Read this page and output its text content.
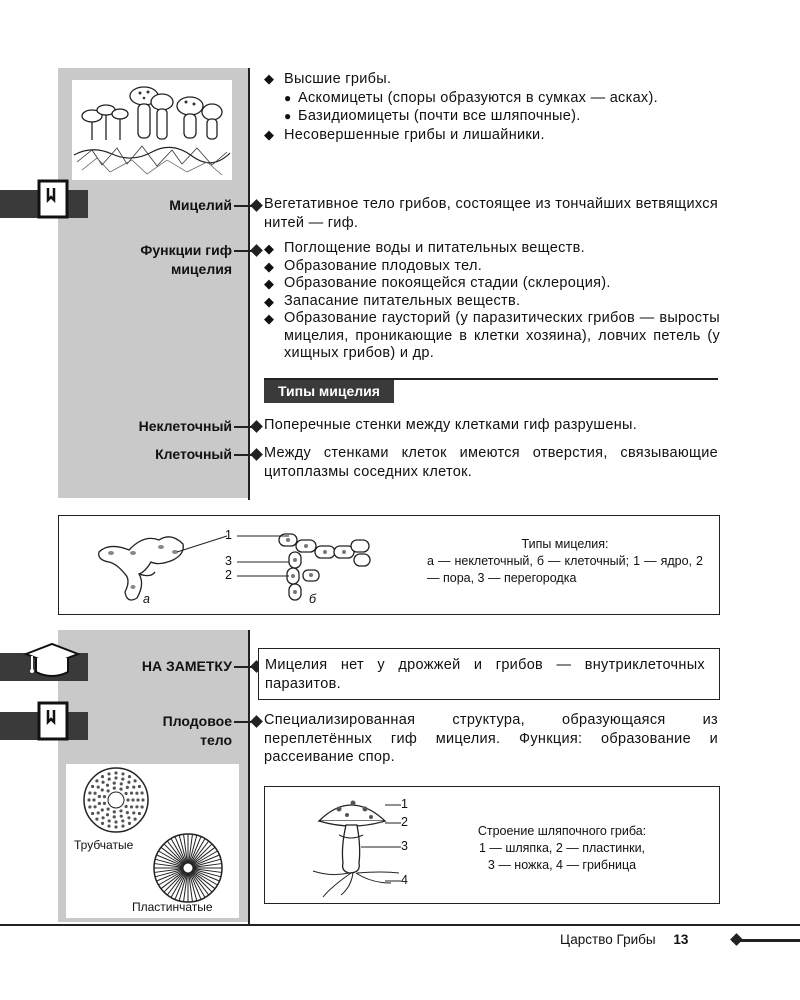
◆ Высшие грибы.
● Аскомицеты (споры образуются в сумках — асках).
● Базидиомицеты (почти все шляпочные).
◆ Несовершенные грибы и лишайники.
Мицелий Вегетативное тело грибов, состоящее из тончайших ветвящихся нитей — гиф.
Функции гиф
мицелия
◆ Поглощение воды и питательных веществ.
◆ Образование плодовых тел.
◆ Образование покоящейся стадии (склероция).
◆ Запасание питательных веществ.
◆ Образование гаусторий (у паразитических грибов — выросты мицелия, проникающие в клетки хозяина), ловчих петель (у хищных грибов) и др.
Типы мицелия
Неклеточный Поперечные стенки между клетками гиф разрушены.
Клеточный Между стенками клеток имеются отверстия, связывающие цитоплазмы соседних клеток.
1
3
2
а	б
Типы мицелия:
а — неклеточный, б — клеточный; 1 — ядро, 2 — пора, 3 — перегородка
НА ЗАМЕТКУ Мицелия нет у дрожжей и грибов — внутриклеточных паразитов.
Плодовое
тело
Специализированная структура, образующаяся из переплетённых гиф мицелия. Функция: образование и рассеивание спор.
Трубчатые
Пластинчатые
1
2
3
4
Строение шляпочного гриба:
1 — шляпка, 2 — пластинки,
3 — ножка, 4 — грибница
Царство Грибы 13
